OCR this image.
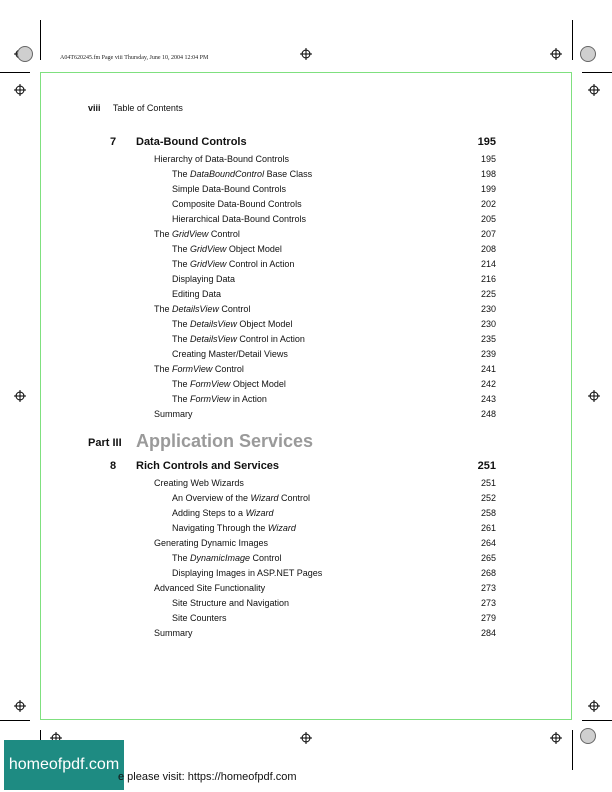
A04T620245.fm Page viii Thursday, June 10, 2004 12:04 PM
viii Table of Contents
7 Data-Bound Controls	195
Hierarchy of Data-Bound Controls	195
The DataBoundControl Base Class	198
Simple Data-Bound Controls	199
Composite Data-Bound Controls	202
Hierarchical Data-Bound Controls	205
The GridView Control	207
The GridView Object Model	208
The GridView Control in Action	214
Displaying Data	216
Editing Data	225
The DetailsView Control	230
The DetailsView Object Model	230
The DetailsView Control in Action	235
Creating Master/Detail Views	239
The FormView Control	241
The FormView Object Model	242
The FormView in Action	243
Summary	248
Part III Application Services
8 Rich Controls and Services	251
Creating Web Wizards	251
An Overview of the Wizard Control	252
Adding Steps to a Wizard	258
Navigating Through the Wizard	261
Generating Dynamic Images	264
The DynamicImage Control	265
Displaying Images in ASP.NET Pages	268
Advanced Site Functionality	273
Site Structure and Navigation	273
Site Counters	279
Summary	284
homeofpdf.com
e please visit: https://homeofpdf.com
